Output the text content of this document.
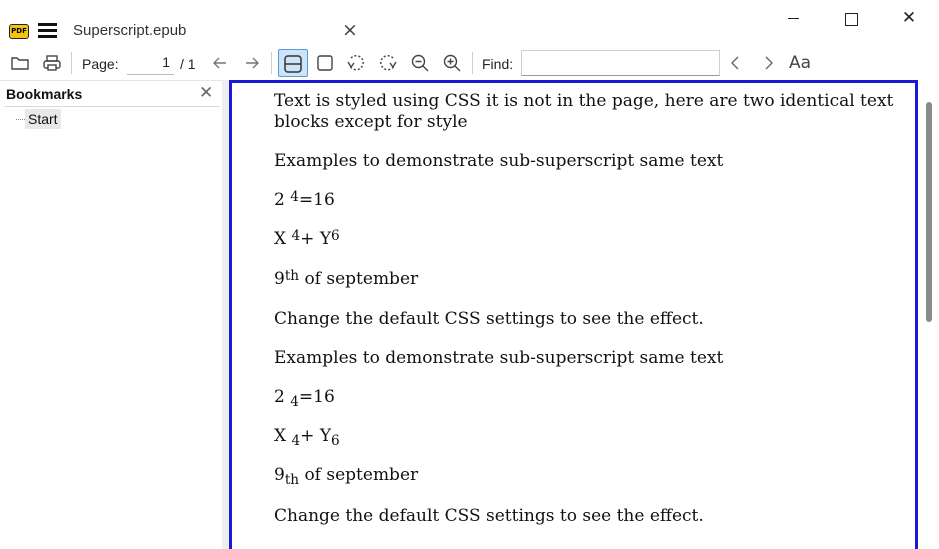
PDF	Superscript.epub	×
✕
Page:
1	/ 1	Find:	Aa
Bookmarks	✕
Start

Text is styled using CSS it is not in the page, here are two identical text

blocks except for style

Examples to demonstrate sub-superscript same text

2 $^4$=16

X $^4+ Y^6$

9th of september

Change the default CSS settings to see the effect.

Examples to demonstrate sub-superscript same text

2 $_4$=16

X $_4+ Y_6$

$9_{th}$ of september

Change the default CSS settings to see the effect.
